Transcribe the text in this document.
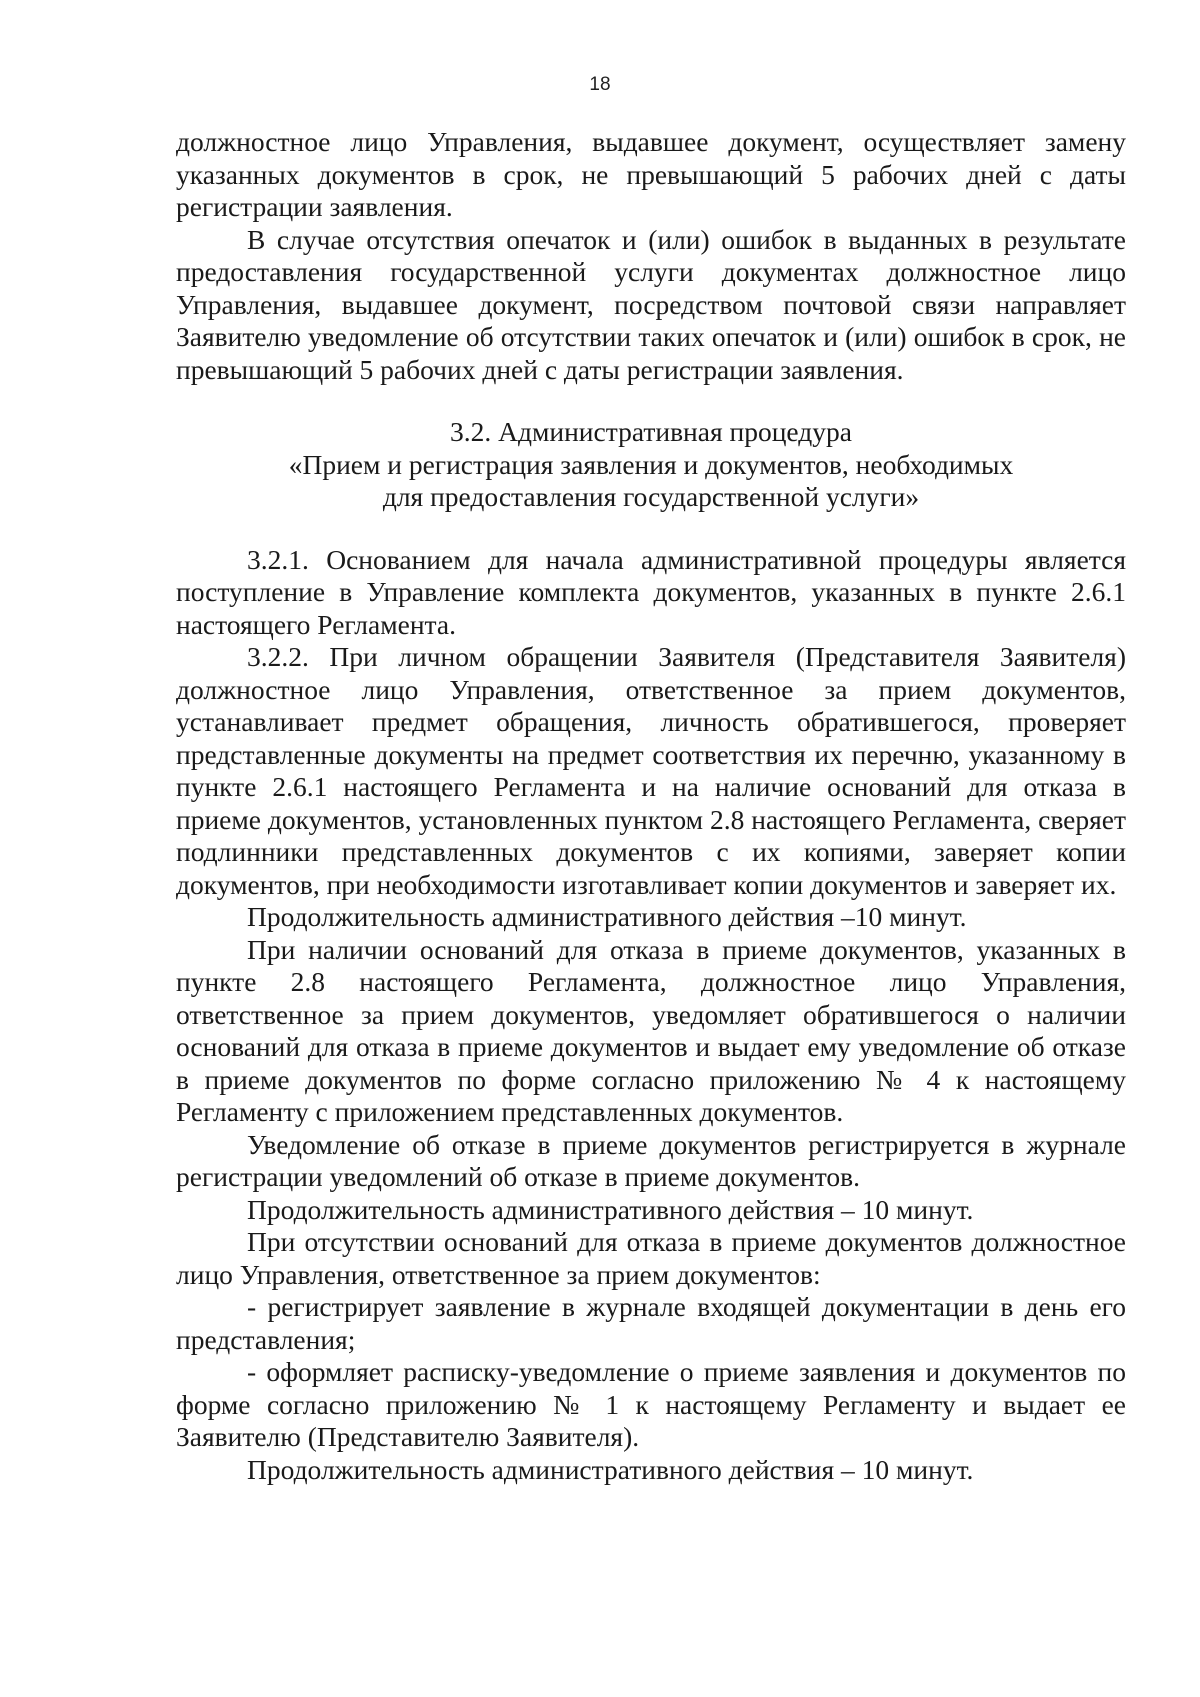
18

должностное лицо Управления, выдавшее документ, осуществляет замену указанных документов в срок, не превышающий 5 рабочих дней с даты регистрации заявления.

В случае отсутствия опечаток и (или) ошибок в выданных в результате предоставления государственной услуги документах должностное лицо Управления, выдавшее документ, посредством почтовой связи направляет Заявителю уведомление об отсутствии таких опечаток и (или) ошибок в срок, не превышающий 5 рабочих дней с даты регистрации заявления.

3.2. Административная процедура
«Прием и регистрация заявления и документов, необходимых
для предоставления государственной услуги»

3.2.1. Основанием для начала административной процедуры является поступление в Управление комплекта документов, указанных в пункте 2.6.1 настоящего Регламента.

3.2.2. При личном обращении Заявителя (Представителя Заявителя) должностное лицо Управления, ответственное за прием документов, устанавливает предмет обращения, личность обратившегося, проверяет представленные документы на предмет соответствия их перечню, указанному в пункте 2.6.1 настоящего Регламента и на наличие оснований для отказа в приеме документов, установленных пунктом 2.8 настоящего Регламента, сверяет подлинники представленных документов с их копиями, заверяет копии документов, при необходимости изготавливает копии документов и заверяет их.

Продолжительность административного действия –10 минут.

При наличии оснований для отказа в приеме документов, указанных в пункте 2.8 настоящего Регламента, должностное лицо Управления, ответственное за прием документов, уведомляет обратившегося о наличии оснований для отказа в приеме документов и выдает ему уведомление об отказе в приеме документов по форме согласно приложению № 4 к настоящему Регламенту с приложением представленных документов.

Уведомление об отказе в приеме документов регистрируется в журнале регистрации уведомлений об отказе в приеме документов.

Продолжительность административного действия – 10 минут.

При отсутствии оснований для отказа в приеме документов должностное лицо Управления, ответственное за прием документов:

- регистрирует заявление в журнале входящей документации в день его представления;

- оформляет расписку-уведомление о приеме заявления и документов по форме согласно приложению № 1 к настоящему Регламенту и выдает ее Заявителю (Представителю Заявителя).

Продолжительность административного действия – 10 минут.
